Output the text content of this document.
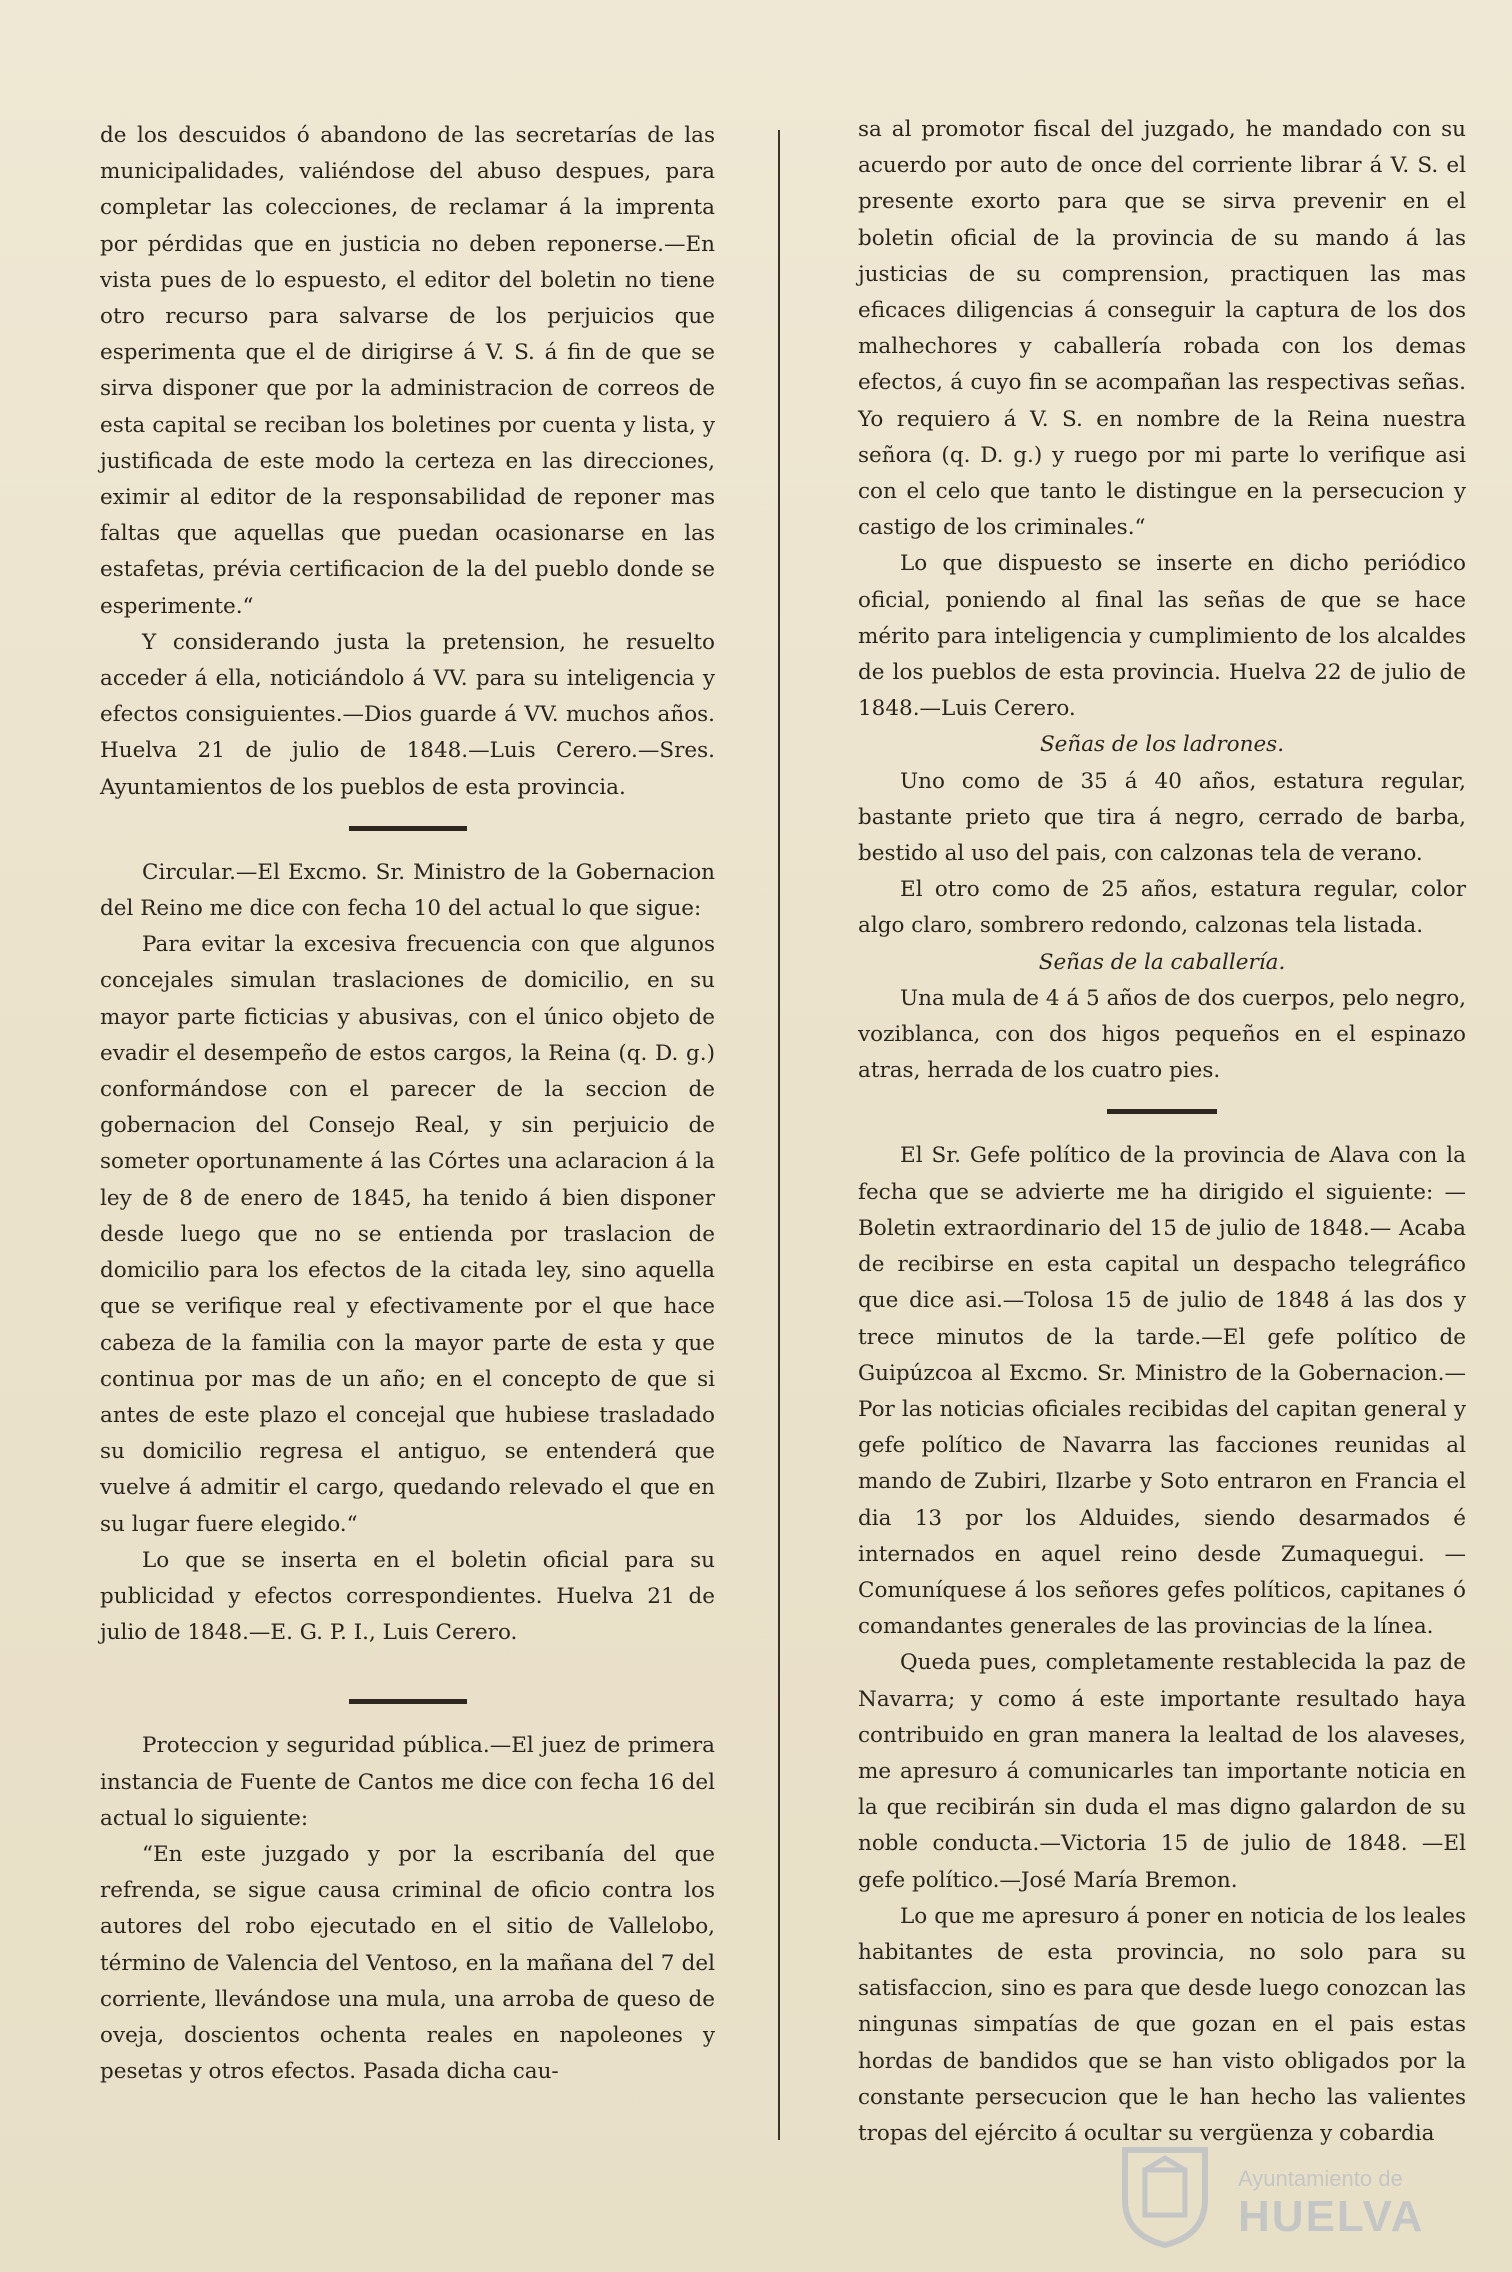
de los descuidos ó abandono de las secretarías de las municipalidades, valiéndose del abuso despues, para completar las colecciones, de reclamar á la imprenta por pérdidas que en justicia no deben reponerse.—En vista pues de lo espuesto, el editor del boletin no tiene otro recurso para salvarse de los perjuicios que esperimenta que el de dirigirse á V. S. á fin de que se sirva disponer que por la administracion de correos de esta capital se reciban los boletines por cuenta y lista, y justificada de este modo la certeza en las direcciones, eximir al editor de la responsabilidad de reponer mas faltas que aquellas que puedan ocasionarse en las estafetas, prévia certificacion de la del pueblo donde se esperimente.“

Y considerando justa la pretension, he resuelto acceder á ella, noticiándolo á VV. para su inteligencia y efectos consiguientes.—Dios guarde á VV. muchos años. Huelva 21 de julio de 1848.—Luis Cerero.—Sres. Ayuntamientos de los pueblos de esta provincia.

Circular.—El Excmo. Sr. Ministro de la Gobernacion del Reino me dice con fecha 10 del actual lo que sigue:

Para evitar la excesiva frecuencia con que algunos concejales simulan traslaciones de domicilio, en su mayor parte ficticias y abusivas, con el único objeto de evadir el desempeño de estos cargos, la Reina (q. D. g.) conformándose con el parecer de la seccion de gobernacion del Consejo Real, y sin perjuicio de someter oportunamente á las Córtes una aclaracion á la ley de 8 de enero de 1845, ha tenido á bien disponer desde luego que no se entienda por traslacion de domicilio para los efectos de la citada ley, sino aquella que se verifique real y efectivamente por el que hace cabeza de la familia con la mayor parte de esta y que continua por mas de un año; en el concepto de que si antes de este plazo el concejal que hubiese trasladado su domicilio regresa el antiguo, se entenderá que vuelve á admitir el cargo, quedando relevado el que en su lugar fuere elegido.“

Lo que se inserta en el boletin oficial para su publicidad y efectos correspondientes. Huelva 21 de julio de 1848.—E. G. P. I., Luis Cerero.

Proteccion y seguridad pública.—El juez de primera instancia de Fuente de Cantos me dice con fecha 16 del actual lo siguiente:

“En este juzgado y por la escribanía del que refrenda, se sigue causa criminal de oficio contra los autores del robo ejecutado en el sitio de Vallelobo, término de Valencia del Ventoso, en la mañana del 7 del corriente, llevándose una mula, una arroba de queso de oveja, doscientos ochenta reales en napoleones y pesetas y otros efectos. Pasada dicha cau-

sa al promotor fiscal del juzgado, he mandado con su acuerdo por auto de once del corriente librar á V. S. el presente exorto para que se sirva prevenir en el boletin oficial de la provincia de su mando á las justicias de su comprension, practiquen las mas eficaces diligencias á conseguir la captura de los dos malhechores y caballería robada con los demas efectos, á cuyo fin se acompañan las respectivas señas. Yo requiero á V. S. en nombre de la Reina nuestra señora (q. D. g.) y ruego por mi parte lo verifique asi con el celo que tanto le distingue en la persecucion y castigo de los criminales.“

Lo que dispuesto se inserte en dicho periódico oficial, poniendo al final las señas de que se hace mérito para inteligencia y cumplimiento de los alcaldes de los pueblos de esta provincia. Huelva 22 de julio de 1848.—Luis Cerero.

Señas de los ladrones.

Uno como de 35 á 40 años, estatura regular, bastante prieto que tira á negro, cerrado de barba, bestido al uso del pais, con calzonas tela de verano.

El otro como de 25 años, estatura regular, color algo claro, sombrero redondo, calzonas tela listada.

Señas de la caballería.

Una mula de 4 á 5 años de dos cuerpos, pelo negro, voziblanca, con dos higos pequeños en el espinazo atras, herrada de los cuatro pies.

El Sr. Gefe político de la provincia de Alava con la fecha que se advierte me ha dirigido el siguiente: —Boletin extraordinario del 15 de julio de 1848.— Acaba de recibirse en esta capital un despacho telegráfico que dice asi.—Tolosa 15 de julio de 1848 á las dos y trece minutos de la tarde.—El gefe político de Guipúzcoa al Excmo. Sr. Ministro de la Gobernacion.—Por las noticias oficiales recibidas del capitan general y gefe político de Navarra las facciones reunidas al mando de Zubiri, Ilzarbe y Soto entraron en Francia el dia 13 por los Alduides, siendo desarmados é internados en aquel reino desde Zumaquegui. —Comuníquese á los señores gefes políticos, capitanes ó comandantes generales de las provincias de la línea.

Queda pues, completamente restablecida la paz de Navarra; y como á este importante resultado haya contribuido en gran manera la lealtad de los alaveses, me apresuro á comunicarles tan importante noticia en la que recibirán sin duda el mas digno galardon de su noble conducta.—Victoria 15 de julio de 1848. —El gefe político.—José María Bremon.

Lo que me apresuro á poner en noticia de los leales habitantes de esta provincia, no solo para su satisfaccion, sino es para que desde luego conozcan las ningunas simpatías de que gozan en el pais estas hordas de bandidos que se han visto obligados por la constante persecucion que le han hecho las valientes tropas del ejército á ocultar su vergüenza y cobardia

Ayuntamiento de
HUELVA
